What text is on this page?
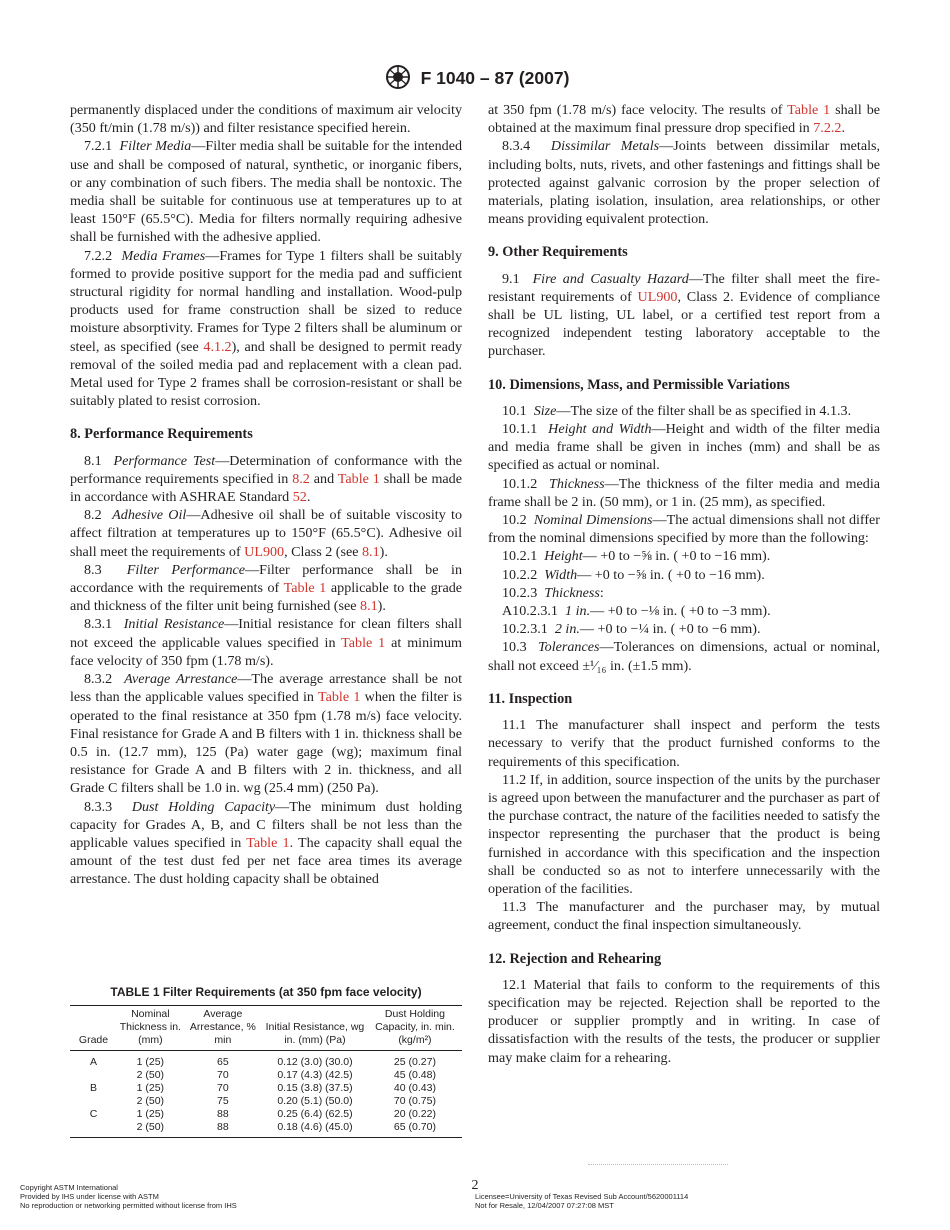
F 1040 – 87 (2007)

permanently displaced under the conditions of maximum air velocity (350 ft/min (1.78 m/s)) and filter resistance specified herein.

7.2.1 Filter Media—Filter media shall be suitable for the intended use and shall be composed of natural, synthetic, or inorganic fibers, or any combination of such fibers. The media shall be nontoxic. The media shall be suitable for continuous use at temperatures up to at least 150°F (65.5°C). Media for filters normally requiring adhesive shall be furnished with the adhesive applied.

7.2.2 Media Frames—Frames for Type 1 filters shall be suitably formed to provide positive support for the media pad and sufficient structural rigidity for normal handling and installation. Wood-pulp products used for frame construction shall be sized to reduce moisture absorptivity. Frames for Type 2 filters shall be aluminum or steel, as specified (see 4.1.2), and shall be designed to permit ready removal of the soiled media pad and replacement with a clean pad. Metal used for Type 2 frames shall be corrosion-resistant or shall be suitably plated to resist corrosion.

8. Performance Requirements

8.1 Performance Test—Determination of conformance with the performance requirements specified in 8.2 and Table 1 shall be made in accordance with ASHRAE Standard 52.

8.2 Adhesive Oil—Adhesive oil shall be of suitable viscosity to affect filtration at temperatures up to 150°F (65.5°C). Adhesive oil shall meet the requirements of UL900, Class 2 (see 8.1).

8.3 Filter Performance—Filter performance shall be in accordance with the requirements of Table 1 applicable to the grade and thickness of the filter unit being furnished (see 8.1).

8.3.1 Initial Resistance—Initial resistance for clean filters shall not exceed the applicable values specified in Table 1 at minimum face velocity of 350 fpm (1.78 m/s).

8.3.2 Average Arrestance—The average arrestance shall be not less than the applicable values specified in Table 1 when the filter is operated to the final resistance at 350 fpm (1.78 m/s) face velocity. Final resistance for Grade A and B filters with 1 in. thickness shall be 0.5 in. (12.7 mm), 125 (Pa) water gage (wg); maximum final resistance for Grade A and B filters with 2 in. thickness, and all Grade C filters shall be 1.0 in. wg (25.4 mm) (250 Pa).

8.3.3 Dust Holding Capacity—The minimum dust holding capacity for Grades A, B, and C filters shall be not less than the applicable values specified in Table 1. The capacity shall equal the amount of the test dust fed per net face area times its average arrestance. The dust holding capacity shall be obtained

TABLE 1 Filter Requirements (at 350 fpm face velocity)
Grade	Nominal Thickness in. (mm)	Average Arrestance, % min	Initial Resistance, wg in. (mm) (Pa)	Dust Holding Capacity, in. min. (kg/m²)
A	1 (25)	65	0.12 (3.0) (30.0)	25 (0.27)
	2 (50)	70	0.17 (4.3) (42.5)	45 (0.48)
B	1 (25)	70	0.15 (3.8) (37.5)	40 (0.43)
	2 (50)	75	0.20 (5.1) (50.0)	70 (0.75)
C	1 (25)	88	0.25 (6.4) (62.5)	20 (0.22)
	2 (50)	88	0.18 (4.6) (45.0)	65 (0.70)

at 350 fpm (1.78 m/s) face velocity. The results of Table 1 shall be obtained at the maximum final pressure drop specified in 7.2.2.

8.3.4 Dissimilar Metals—Joints between dissimilar metals, including bolts, nuts, rivets, and other fastenings and fittings shall be protected against galvanic corrosion by the proper selection of materials, plating isolation, insulation, area relationships, or other means providing equivalent protection.

9. Other Requirements

9.1 Fire and Casualty Hazard—The filter shall meet the fire-resistant requirements of UL900, Class 2. Evidence of compliance shall be UL listing, UL label, or a certified test report from a recognized independent testing laboratory acceptable to the purchaser.

10. Dimensions, Mass, and Permissible Variations

10.1 Size—The size of the filter shall be as specified in 4.1.3.

10.1.1 Height and Width—Height and width of the filter media and media frame shall be given in inches (mm) and shall be as specified as actual or nominal.

10.1.2 Thickness—The thickness of the filter media and media frame shall be 2 in. (50 mm), or 1 in. (25 mm), as specified.

10.2 Nominal Dimensions—The actual dimensions shall not differ from the nominal dimensions specified by more than the following:

10.2.1 Height— +0 to −⅝ in. ( +0 to −16 mm).

10.2.2 Width— +0 to −⅝ in. ( +0 to −16 mm).

10.2.3 Thickness:

A10.2.3.1 1 in.— +0 to −⅛ in. ( +0 to −3 mm).

10.2.3.1 2 in.— +0 to −¼ in. ( +0 to −6 mm).

10.3 Tolerances—Tolerances on dimensions, actual or nominal, shall not exceed ±¹⁄₁₆ in. (±1.5 mm).

11. Inspection

11.1 The manufacturer shall inspect and perform the tests necessary to verify that the product furnished conforms to the requirements of this specification.

11.2 If, in addition, source inspection of the units by the purchaser is agreed upon between the manufacturer and the purchaser as part of the purchase contract, the nature of the facilities needed to satisfy the inspector representing the purchaser that the product is being furnished in accordance with this specification and the inspection shall be conducted so as not to interfere unnecessarily with the operation of the facilities.

11.3 The manufacturer and the purchaser may, by mutual agreement, conduct the final inspection simultaneously.

12. Rejection and Rehearing

12.1 Material that fails to conform to the requirements of this specification may be rejected. Rejection shall be reported to the producer or supplier promptly and in writing. In case of dissatisfaction with the results of the tests, the producer or supplier may make claim for a rehearing.

2
Copyright ASTM International
Provided by IHS under license with ASTM
No reproduction or networking permitted without license from IHS
Licensee=University of Texas Revised Sub Account/5620001114
Not for Resale, 12/04/2007 07:27:08 MST
